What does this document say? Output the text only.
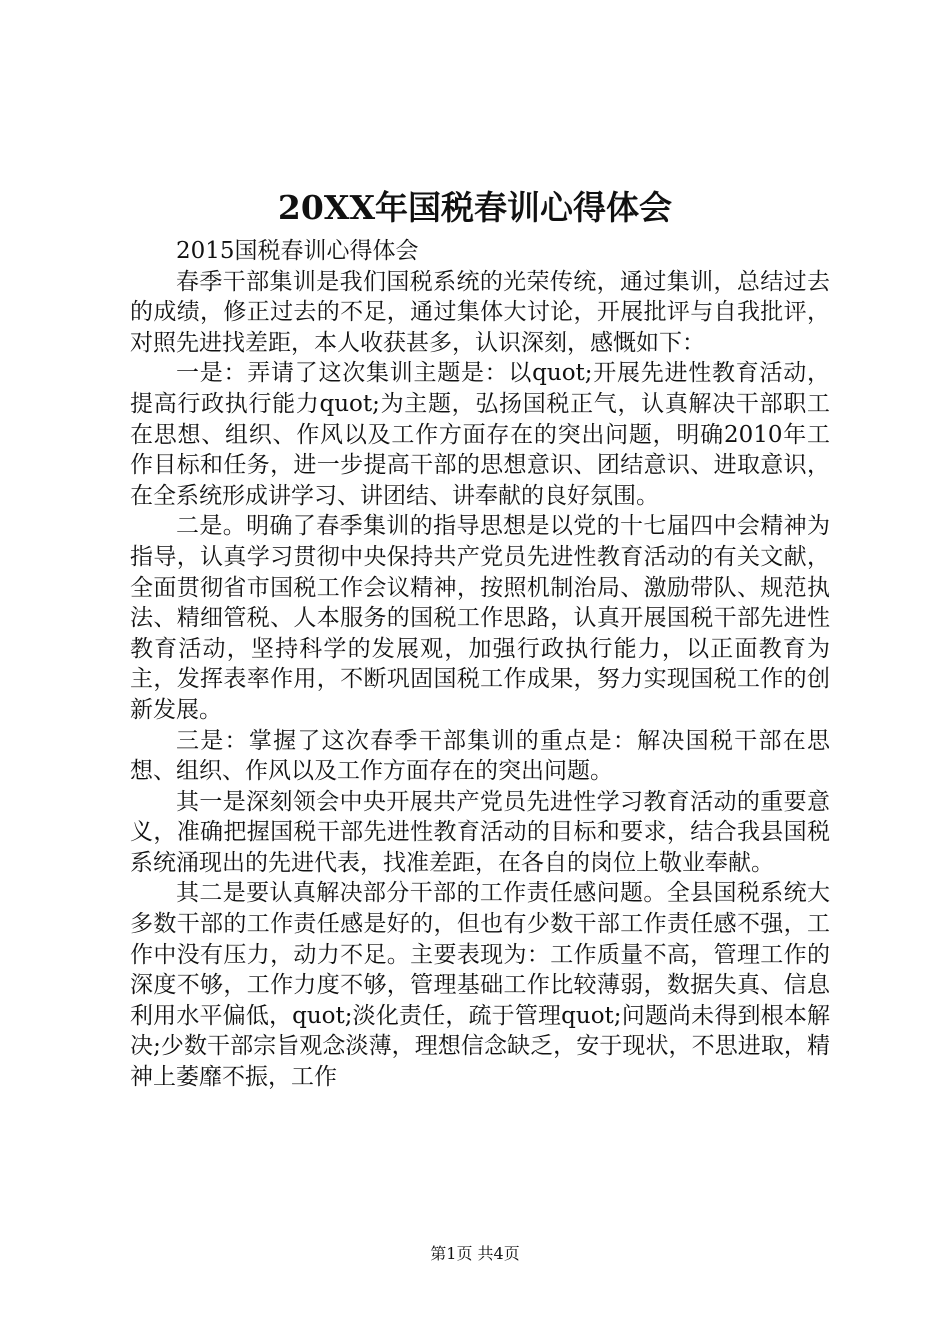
20XX年国税春训心得体会

2015国税春训心得体会

春季干部集训是我们国税系统的光荣传统，通过集训，总结过去的成绩，修正过去的不足，通过集体大讨论，开展批评与自我批评，对照先进找差距，本人收获甚多，认识深刻，感慨如下：

一是：弄请了这次集训主题是：以quot;开展先进性教育活动，提高行政执行能力quot;为主题，弘扬国税正气，认真解决干部职工在思想、组织、作风以及工作方面存在的突出问题，明确2010年工作目标和任务，进一步提高干部的思想意识、团结意识、进取意识，在全系统形成讲学习、讲团结、讲奉献的良好氛围。

二是。明确了春季集训的指导思想是以党的十七届四中会精神为指导，认真学习贯彻中央保持共产党员先进性教育活动的有关文献，全面贯彻省市国税工作会议精神，按照机制治局、激励带队、规范执法、精细管税、人本服务的国税工作思路，认真开展国税干部先进性教育活动，坚持科学的发展观，加强行政执行能力，以正面教育为主，发挥表率作用，不断巩固国税工作成果，努力实现国税工作的创新发展。

三是：掌握了这次春季干部集训的重点是：解决国税干部在思想、组织、作风以及工作方面存在的突出问题。

其一是深刻领会中央开展共产党员先进性学习教育活动的重要意义，准确把握国税干部先进性教育活动的目标和要求，结合我县国税系统涌现出的先进代表，找准差距，在各自的岗位上敬业奉献。

其二是要认真解决部分干部的工作责任感问题。全县国税系统大多数干部的工作责任感是好的，但也有少数干部工作责任感不强，工作中没有压力，动力不足。主要表现为：工作质量不高，管理工作的深度不够，工作力度不够，管理基础工作比较薄弱，数据失真、信息利用水平偏低，quot;淡化责任，疏于管理quot;问题尚未得到根本解决;少数干部宗旨观念淡薄，理想信念缺乏，安于现状，不思进取，精神上萎靡不振，工作

第1页 共4页
